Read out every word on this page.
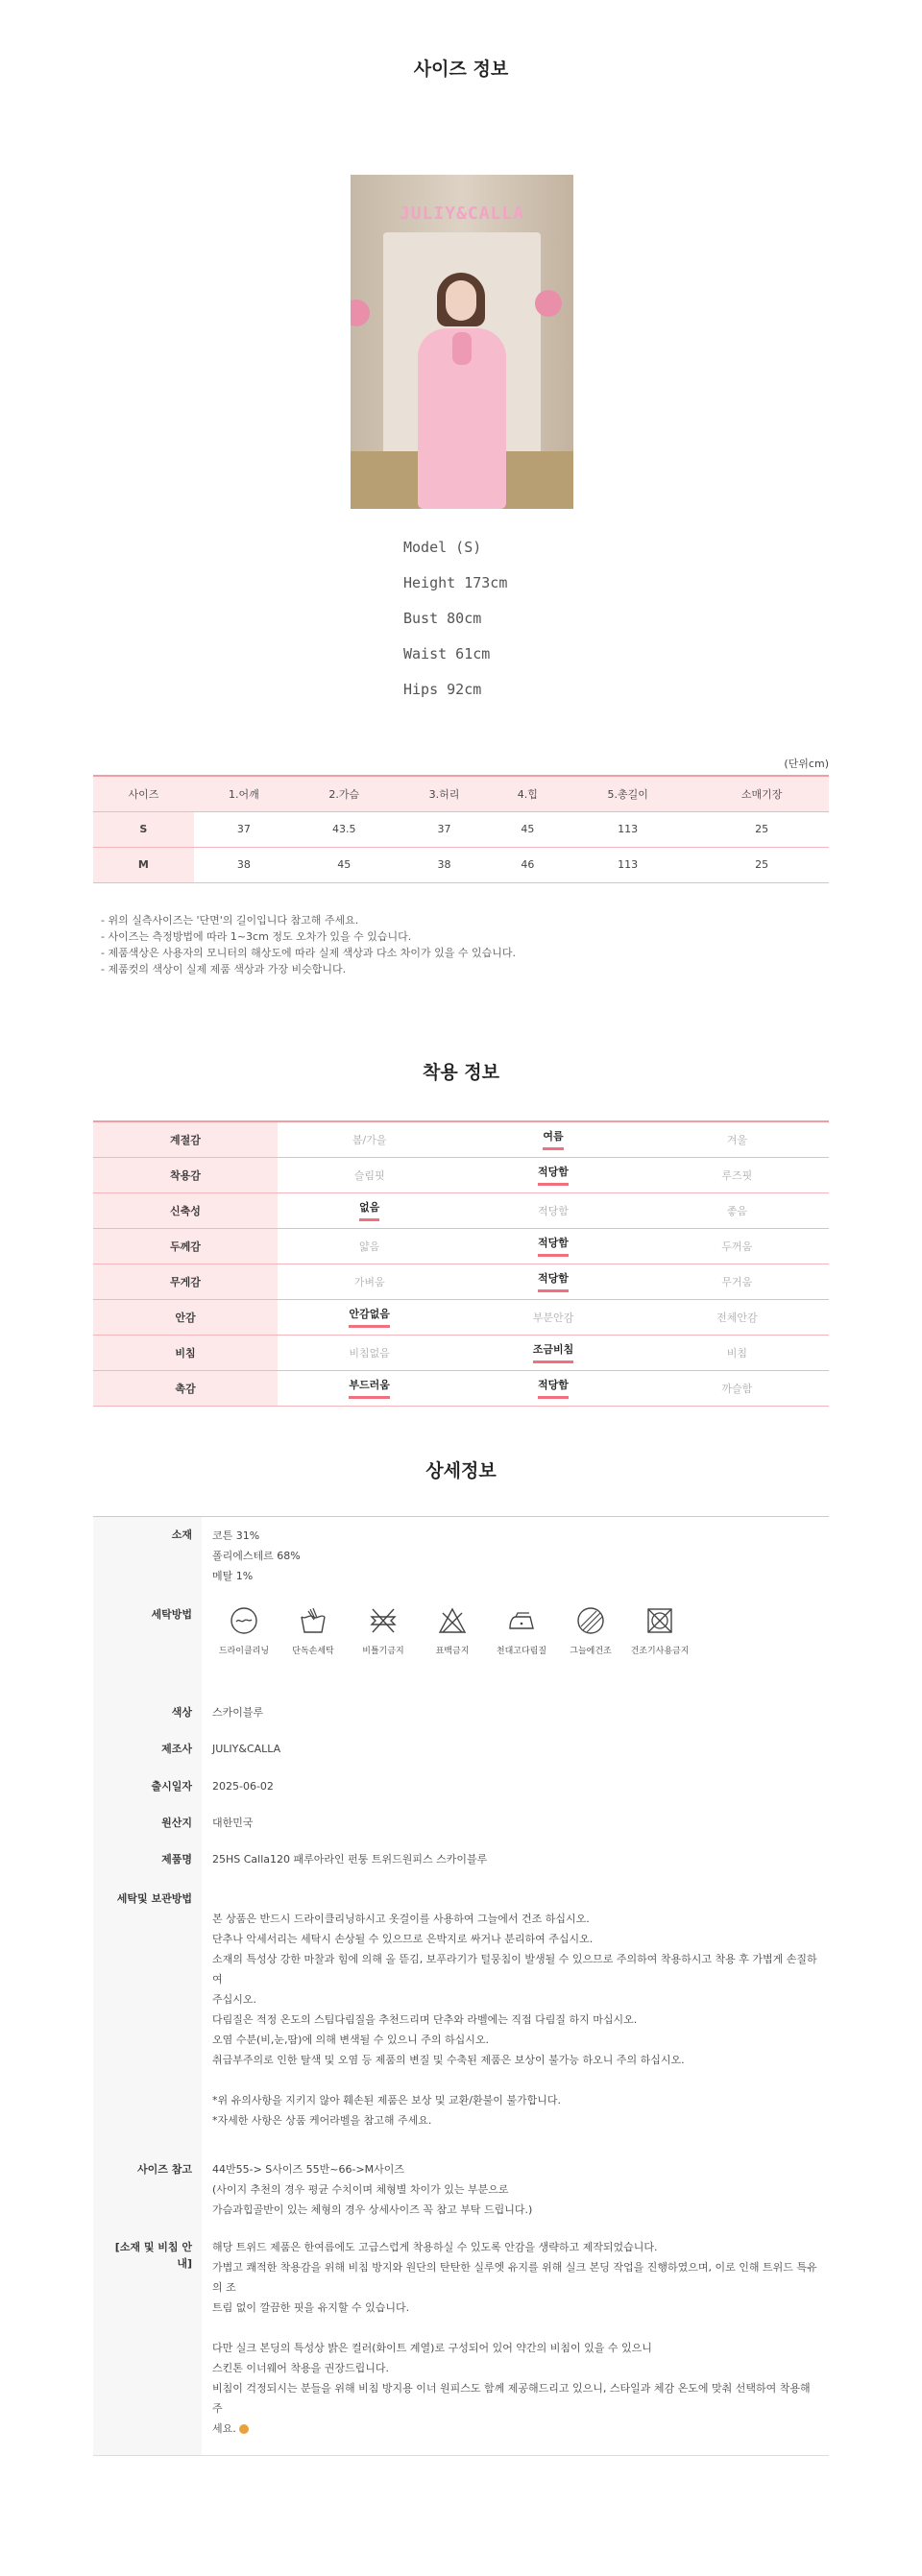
사이즈 정보
JULIY&CALLA
Model (S)
Height 173cm
Bust 80cm
Waist 61cm
Hips 92cm
(단위cm)
사이즈	1.어깨	2.가슴	3.허리	4.힙	5.총길이	소매기장
S	37	43.5	37	45	113	25
M	38	45	38	46	113	25
- 위의 실측사이즈는 '단면'의 길이입니다 참고해 주세요.
- 사이즈는 측정방법에 따라 1~3cm 정도 오차가 있을 수 있습니다.
- 제품색상은 사용자의 모니터의 해상도에 따라 실제 색상과 다소 차이가 있을 수 있습니다.
- 제품컷의 색상이 실제 제품 색상과 가장 비슷합니다.
착용 정보
계절감	봄/가을	여름	겨울
착용감	슬림핏	적당함	루즈핏
신축성	없음	적당함	좋음
두께감	얇음	적당함	두꺼움
무게감	가벼움	적당함	무거움
안감	안감없음	부분안감	전체안감
비침	비침없음	조금비침	비침
촉감	부드러움	적당함	까슬함
상세정보
소재 코튼 31%
폴리에스테르 68%
메탈 1%
세탁방법
드라이클리닝	단독손세탁	비틀기금지	표백금지	천대고다림질	그늘에건조	건조기사용금지
색상 스카이블루
제조사 JULIY&CALLA
출시일자 2025-06-02
원산지 대한민국
제품명 25HS Calla120 패루아라인 펀퉁 트위드원피스 스카이블루
세탁및 보관방법
본 상품은 반드시 드라이클리닝하시고 옷걸이를 사용하여 그늘에서 건조 하십시오.
단추나 악세서리는 세탁시 손상될 수 있으므로 은박지로 싸거나 분리하여 주십시오.
소재의 특성상 강한 마찰과 힘에 의해 올 뜯김, 보푸라기가 털뭉침이 발생될 수 있으므로 주의하여 착용하시고 착용 후 가볍게 손질하여
주십시오.
다림질은 적정 온도의 스팀다림질을 추천드리며 단추와 라벨에는 직접 다림질 하지 마십시오.
오염 수분(비,눈,땀)에 의해 변색될 수 있으니 주의 하십시오.
취급부주의로 인한 탈색 및 오염 등 제품의 변질 및 수축된 제품은 보상이 불가능 하오니 주의 하십시오.
*위 유의사항을 지키지 않아 훼손된 제품은 보상 및 교환/환불이 불가합니다.
*자세한 사항은 상품 케어라벨을 참고해 주세요.
사이즈 참고 44반55-> S사이즈 55반~66->M사이즈
(사이지 추천의 경우 평균 수치이며 체형별 차이가 있는 부분으로
가슴과힙골반이 있는 체형의 경우 상세사이즈 꼭 참고 부탁 드립니다.)
[소재 및 비침 안
내]
해당 트위드 제품은 한여름에도 고급스럽게 착용하실 수 있도록 안감을 생략하고 제작되었습니다.
가볍고 쾌적한 착용감을 위해 비침 방지와 원단의 탄탄한 실루엣 유지를 위해 실크 본딩 작업을 진행하였으며, 이로 인해 트위드 특유의 조
트림 없이 깔끔한 핏을 유지할 수 있습니다.
다만 실크 본딩의 특성상 밝은 컬러(화이트 계열)로 구성되어 있어 약간의 비침이 있을 수 있으니
스킨톤 이너웨어 착용을 권장드립니다.
비침이 걱정되시는 분들을 위해 비침 방지용 이너 원피스도 함께 제공해드리고 있으니, 스타일과 체감 온도에 맞춰 선택하여 착용해 주
세요.
